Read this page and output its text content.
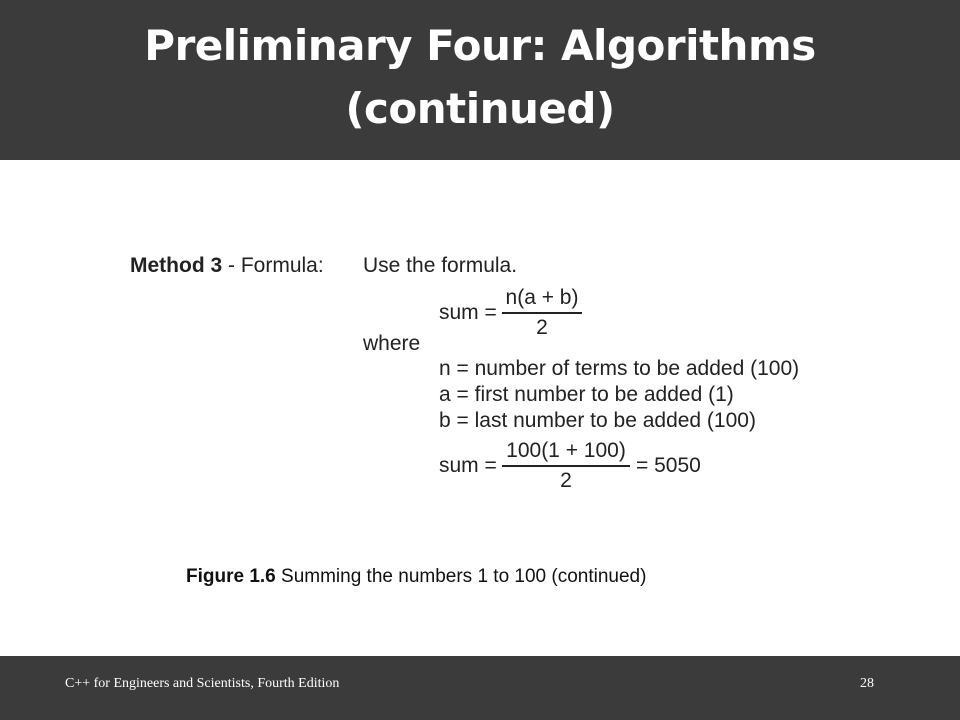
Preliminary Four: Algorithms
(continued)
Method 3 - Formula: Use the formula.
sum =
n(a + b)
2
where
n = number of terms to be added (100)
a = first number to be added (1)
b = last number to be added (100)
sum =
100(1 + 100)
2
= 5050
Figure 1.6 Summing the numbers 1 to 100 (continued)
C++ for Engineers and Scientists, Fourth Edition	28
